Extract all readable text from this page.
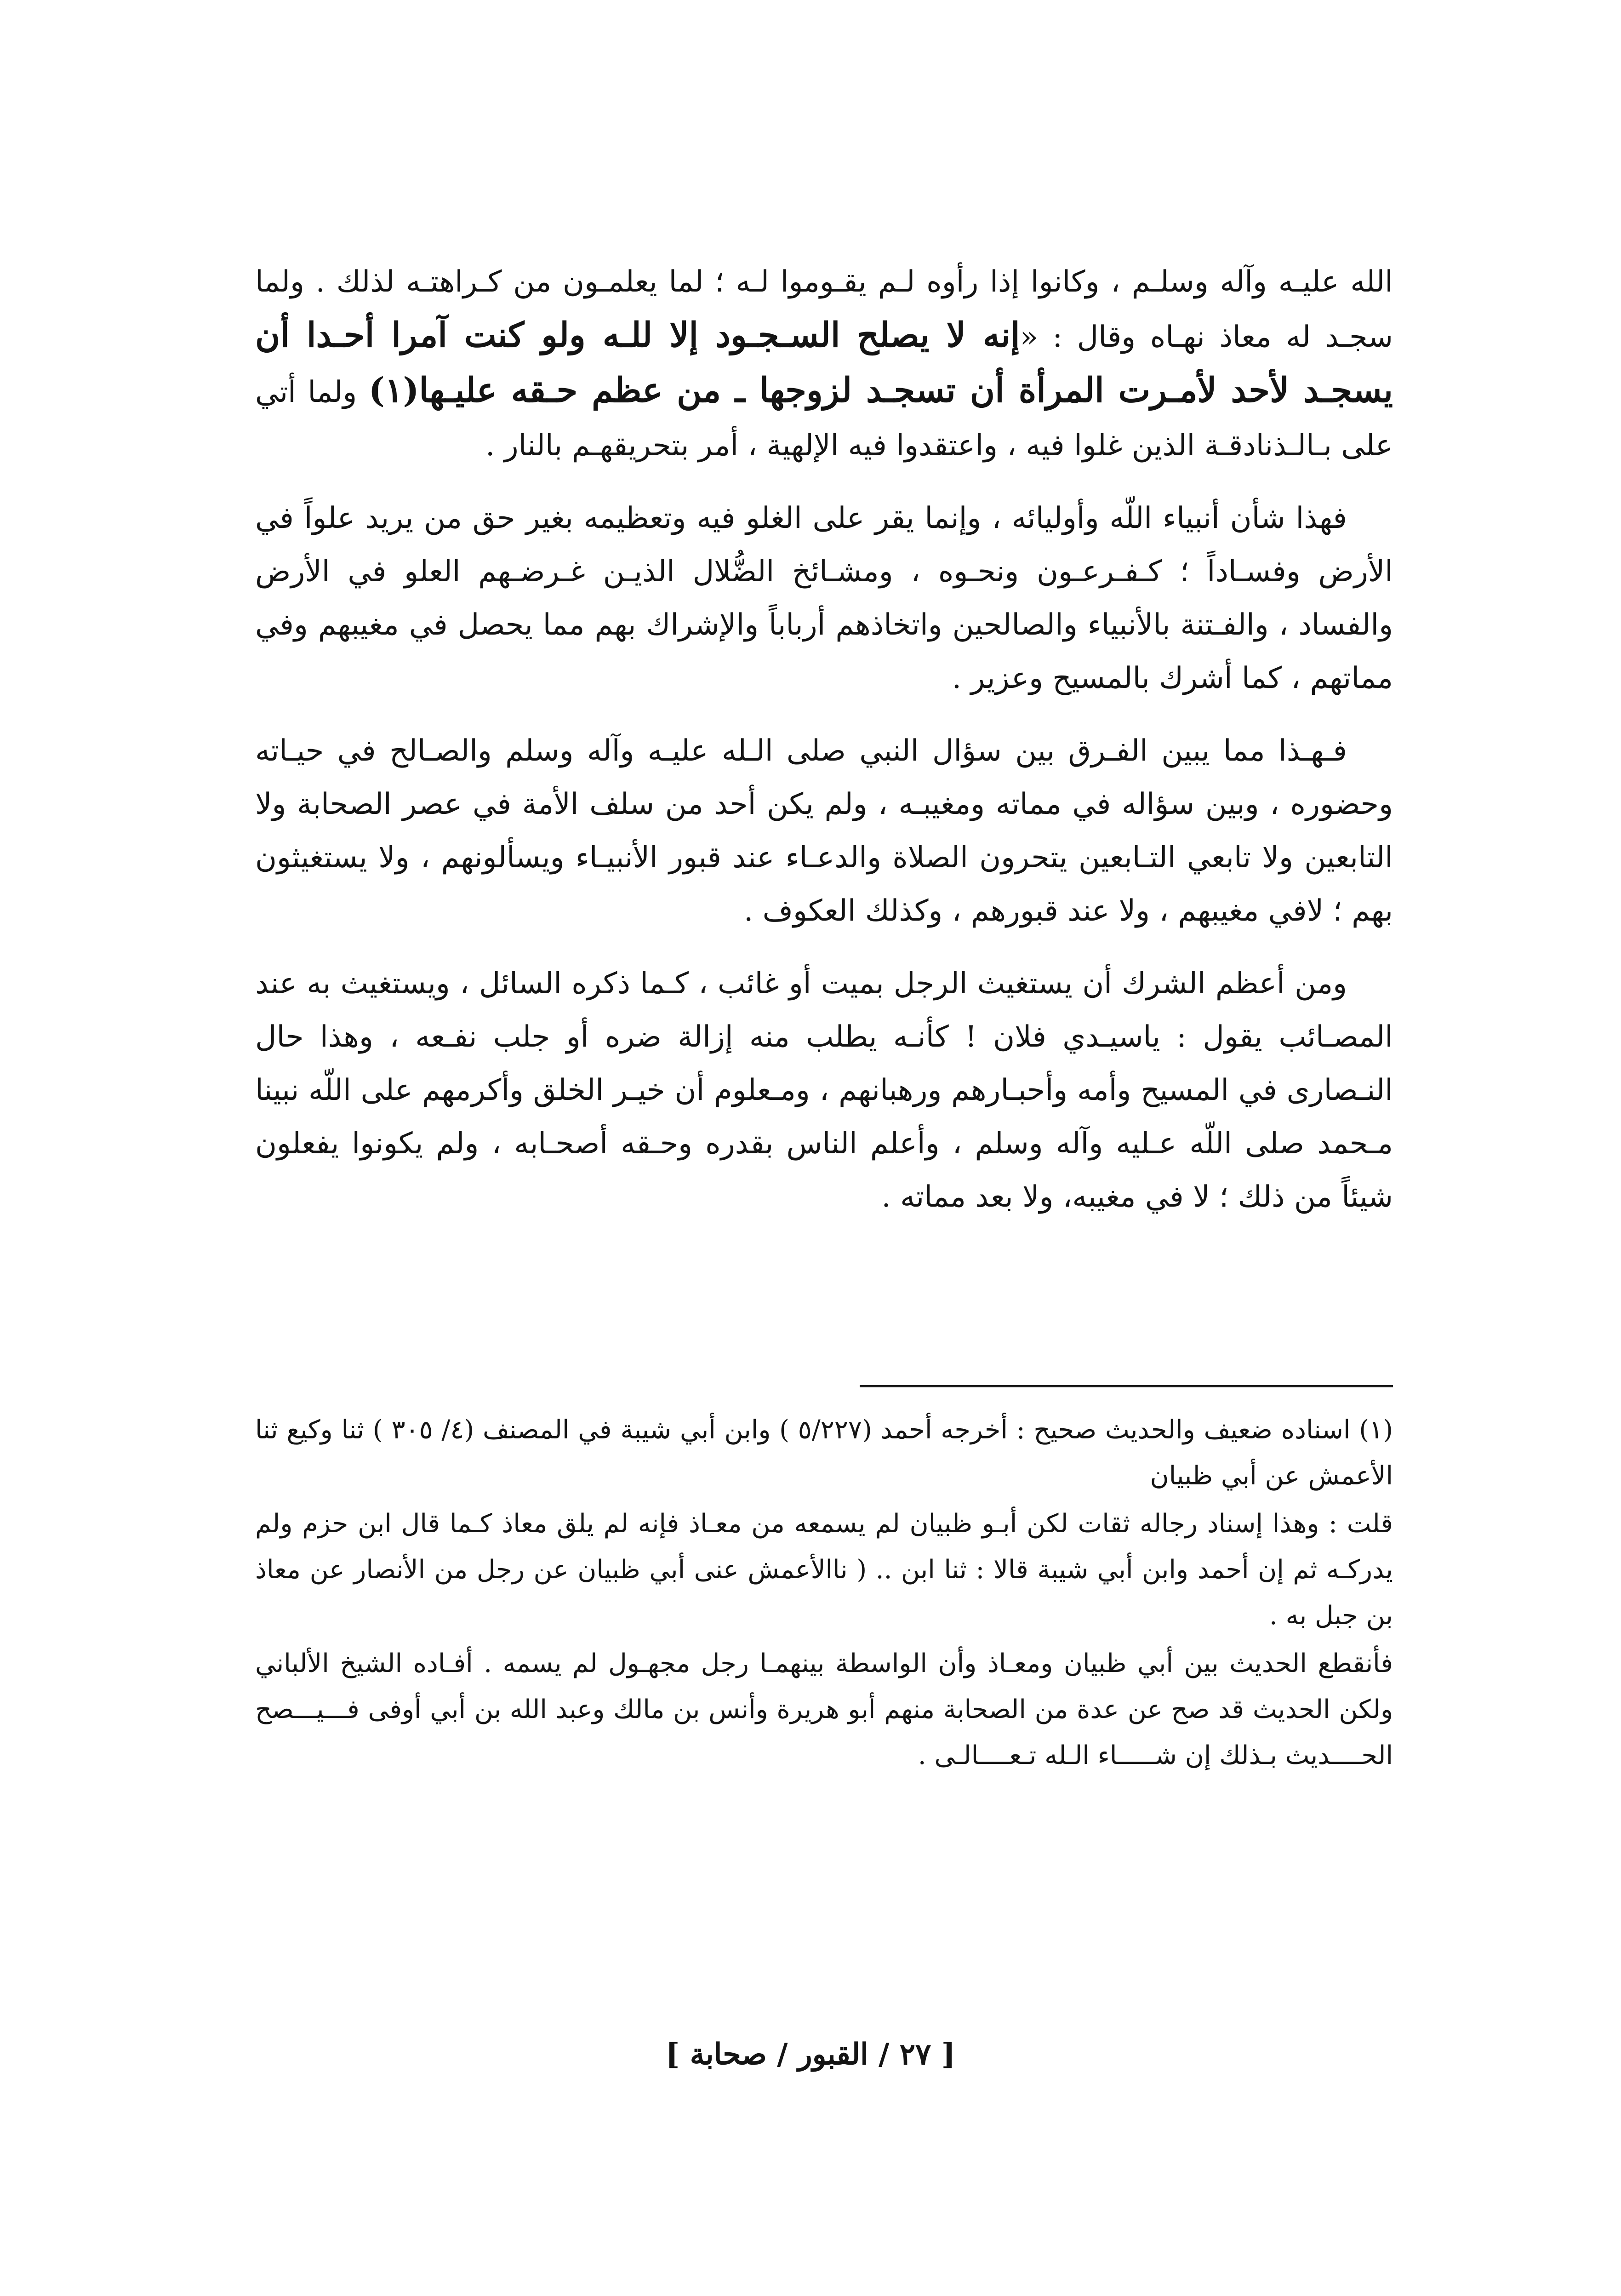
الله عليـه وآله وسلـم ، وكانوا إذا رأوه لـم يقـوموا لـه ؛ لما يعلمـون من كـراهتـه لذلك . ولما سجـد له معاذ نهـاه وقال : «إنه لا يصلح السـجـود إلا للـه ولو كنت آمرا أحـدا أن يسجـد لأحد لأمـرت المرأة أن تسجـد لزوجها ـ من عظم حـقه عليـها(١) ولما أتي على بـالـذنادقـة الذين غلوا فيه ، واعتقدوا فيه الإلهية ، أمر بتحريقهـم بالنار .

فهذا شأن أنبياء اللّه وأوليائه ، وإنما يقر على الغلو فيه وتعظيمه بغير حق من يريد علواً في الأرض وفسـاداً ؛ كـفـرعـون ونحـوه ، ومشـائخ الضُّلال الذيـن غـرضـهم العلو في الأرض والفساد ، والفـتنة بالأنبياء والصالحين واتخاذهم أرباباً والإشراك بهم مما يحصل في مغيبهم وفي مماتهم ، كما أشرك بالمسيح وعزير .

فـهـذا مما يبين الفـرق بين سؤال النبي صلى الـله عليـه وآله وسلم والصـالح في حيـاته وحضوره ، وبين سؤاله في مماته ومغيبـه ، ولم يكن أحد من سلف الأمة في عصر الصحابة ولا التابعين ولا تابعي التـابعين يتحرون الصلاة والدعـاء عند قبور الأنبيـاء ويسألونهم ، ولا يستغيثون بهم ؛ لافي مغيبهم ، ولا عند قبورهم ، وكذلك العكوف .

ومن أعظم الشرك أن يستغيث الرجل بميت أو غائب ، كـما ذكره السائل ، ويستغيث به عند المصـائب يقول : ياسيـدي فلان ! كأنـه يطلب منه إزالة ضره أو جلب نفـعه ، وهذا حال النـصارى في المسيح وأمه وأحبـارهم ورهبانهم ، ومـعلوم أن خيـر الخلق وأكرمهم على اللّه نبينا مـحمد صلى اللّه عـليه وآله وسلم ، وأعلم الناس بقدره وحـقه أصحـابه ، ولم يكونوا يفعلون شيئاً من ذلك ؛ لا في مغيبه، ولا بعد مماته .

(١) اسناده ضعيف والحديث صحيح : أخرجه أحمد (٥/٢٢٧ ) وابن أبي شيبة في المصنف (٤/ ٣٠٥ ) ثنا وكيع ثنا الأعمش عن أبي ظبيان

قلت : وهذا إسناد رجاله ثقات لكن أبـو ظبيان لم يسمعه من معـاذ فإنه لم يلق معاذ كـما قال ابن حزم ولم يدركـه ثم إن أحمد وابن أبي شيبة قالا : ثنا ابن .. ( ناالأعمش عنى أبي ظبيان عن رجل من الأنصار عن معاذ بن جبل به .

فأنقطع الحديث بين أبي ظبيان ومعـاذ وأن الواسطة بينهمـا رجل مجهـول لم يسمه . أفـاده الشيخ الألباني ولكن الحديث قد صح عن عدة من الصحابة منهم أبو هريرة وأنس بن مالك وعبد الله بن أبي أوفى فـــيـــصح الحــــديث بـذلك إن شـــــاء الـله تـعــــالـى .

[ ٢٧ / القبور / صحابة ]
